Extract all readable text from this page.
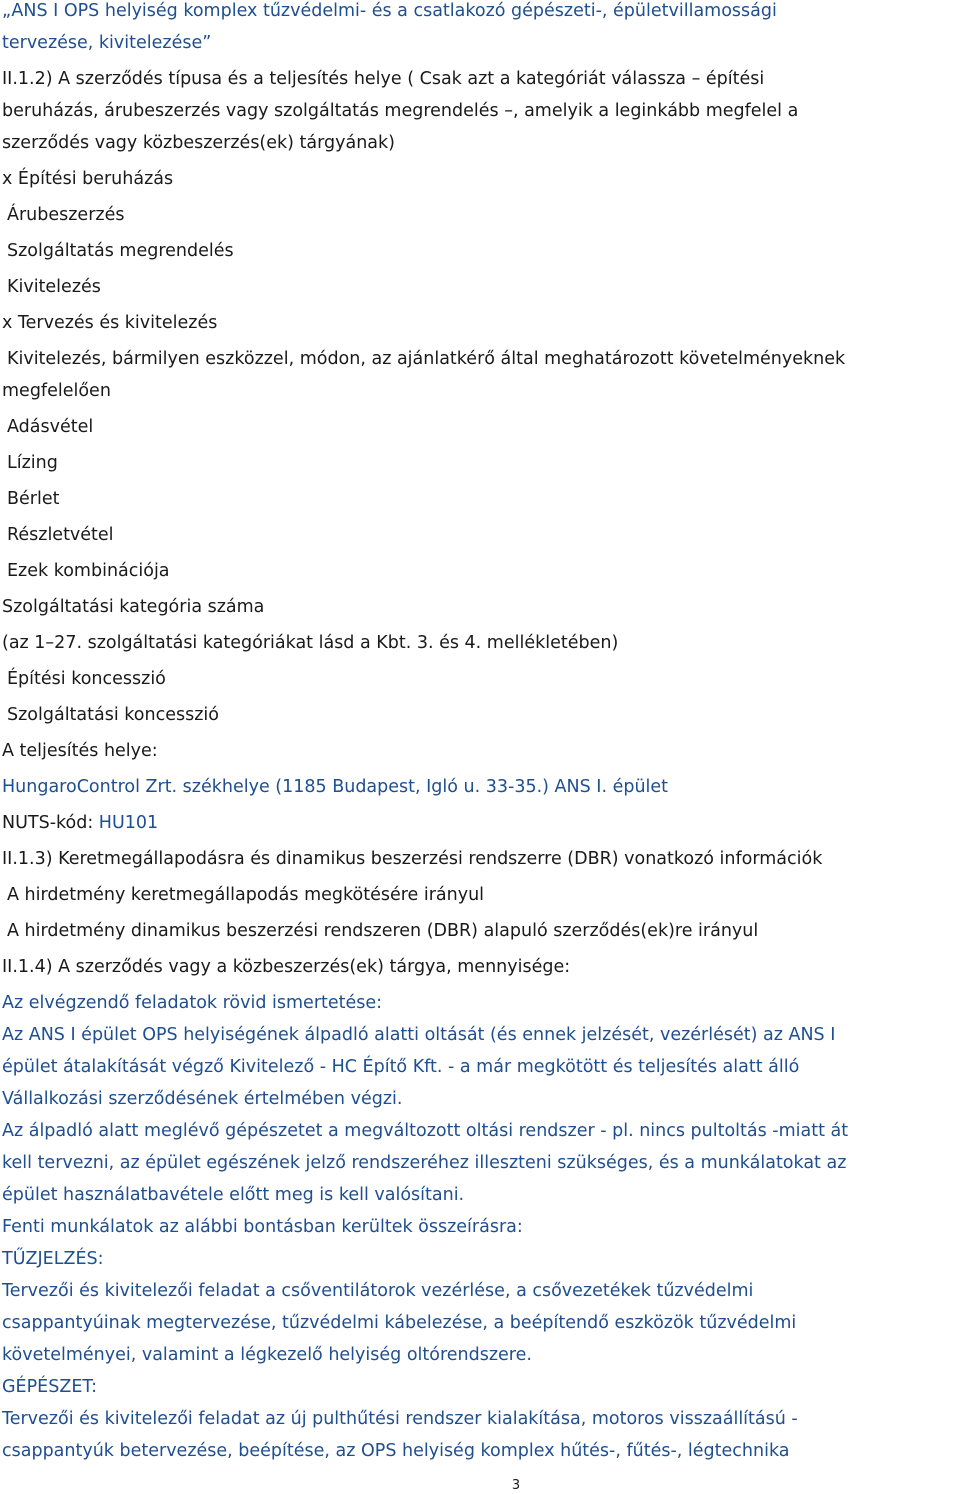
„ANS I OPS helyiség komplex tűzvédelmi- és a csatlakozó gépészeti-, épületvillamossági
tervezése, kivitelezése”
II.1.2) A szerződés típusa és a teljesítés helye ( Csak azt a kategóriát válassza – építési
beruházás, árubeszerzés vagy szolgáltatás megrendelés –, amelyik a leginkább megfelel a
szerződés vagy közbeszerzés(ek) tárgyának)
x Építési beruházás
Árubeszerzés
Szolgáltatás megrendelés
Kivitelezés
x Tervezés és kivitelezés
Kivitelezés, bármilyen eszközzel, módon, az ajánlatkérő által meghatározott követelményeknek
megfelelően
Adásvétel
Lízing
Bérlet
Részletvétel
Ezek kombinációja
Szolgáltatási kategória száma
(az 1–27. szolgáltatási kategóriákat lásd a Kbt. 3. és 4. mellékletében)
Építési koncesszió
Szolgáltatási koncesszió
A teljesítés helye:
HungaroControl Zrt. székhelye (1185 Budapest, Igló u. 33-35.) ANS I. épület
NUTS-kód: HU101
II.1.3) Keretmegállapodásra és dinamikus beszerzési rendszerre (DBR) vonatkozó információk
A hirdetmény keretmegállapodás megkötésére irányul
A hirdetmény dinamikus beszerzési rendszeren (DBR) alapuló szerződés(ek)re irányul
II.1.4) A szerződés vagy a közbeszerzés(ek) tárgya, mennyisége:
Az elvégzendő feladatok rövid ismertetése:
Az ANS I épület OPS helyiségének álpadló alatti oltását (és ennek jelzését, vezérlését) az ANS I
épület átalakítását végző Kivitelező - HC Építő Kft. - a már megkötött és teljesítés alatt álló
Vállalkozási szerződésének értelmében végzi.
Az álpadló alatt meglévő gépészetet a megváltozott oltási rendszer - pl. nincs pultoltás -miatt át
kell tervezni, az épület egészének jelző rendszeréhez illeszteni szükséges, és a munkálatokat az
épület használatbavétele előtt meg is kell valósítani.
Fenti munkálatok az alábbi bontásban kerültek összeírásra:
TŰZJELZÉS:
Tervezői és kivitelezői feladat a csőventilátorok vezérlése, a csővezetékek tűzvédelmi
csappantyúinak megtervezése, tűzvédelmi kábelezése, a beépítendő eszközök tűzvédelmi
követelményei, valamint a légkezelő helyiség oltórendszere.
GÉPÉSZET:
Tervezői és kivitelezői feladat az új pulthűtési rendszer kialakítása, motoros visszaállítású -
csappantyúk betervezése, beépítése, az OPS helyiség komplex hűtés-, fűtés-, légtechnika
3
